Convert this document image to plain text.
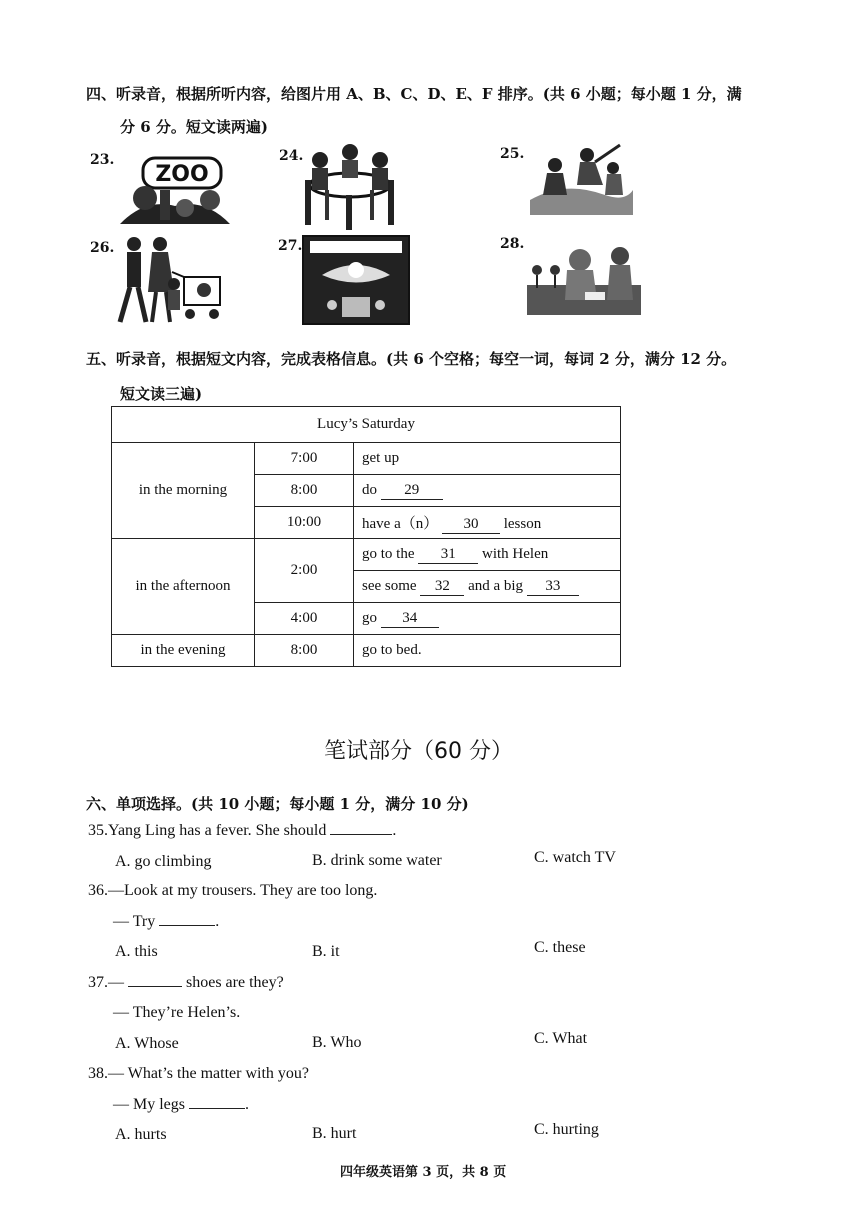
四、听录音，根据所听内容，给图片用 A、B、C、D、E、F 排序。(共 6 小题；每小题 1 分，满
分 6 分。短文读两遍)
23.
ZOO
24.	25.
26.	27.	28.
五、听录音，根据短文内容，完成表格信息。(共 6 个空格；每空一词，每词 2 分，满分 12 分。
短文读三遍)
Lucy’s Saturday		
in the morning	7:00	get up
	8:00	do 29
	10:00	have a（n） 30 lesson
in the afternoon	2:00	go to the 31 with Helen
		see some 32 and a big 33
	4:00	go 34
in the evening	8:00	go to bed.
笔试部分（60 分）
六、单项选择。(共 10 小题；每小题 1 分，满分 10 分)
35.Yang Ling has a fever. She should	.
A. go climbing	B. drink some water	C. watch TV
36.—Look at my trousers. They are too long.
— Try	.
A. this	B. it	C. these
37.—	shoes are they?
— They’re Helen’s.
A. Whose	B. Who	C. What
38.— What’s the matter with you?
— My legs	.
A. hurts	B. hurt	C. hurting
四年级英语第 3 页，共 8 页
